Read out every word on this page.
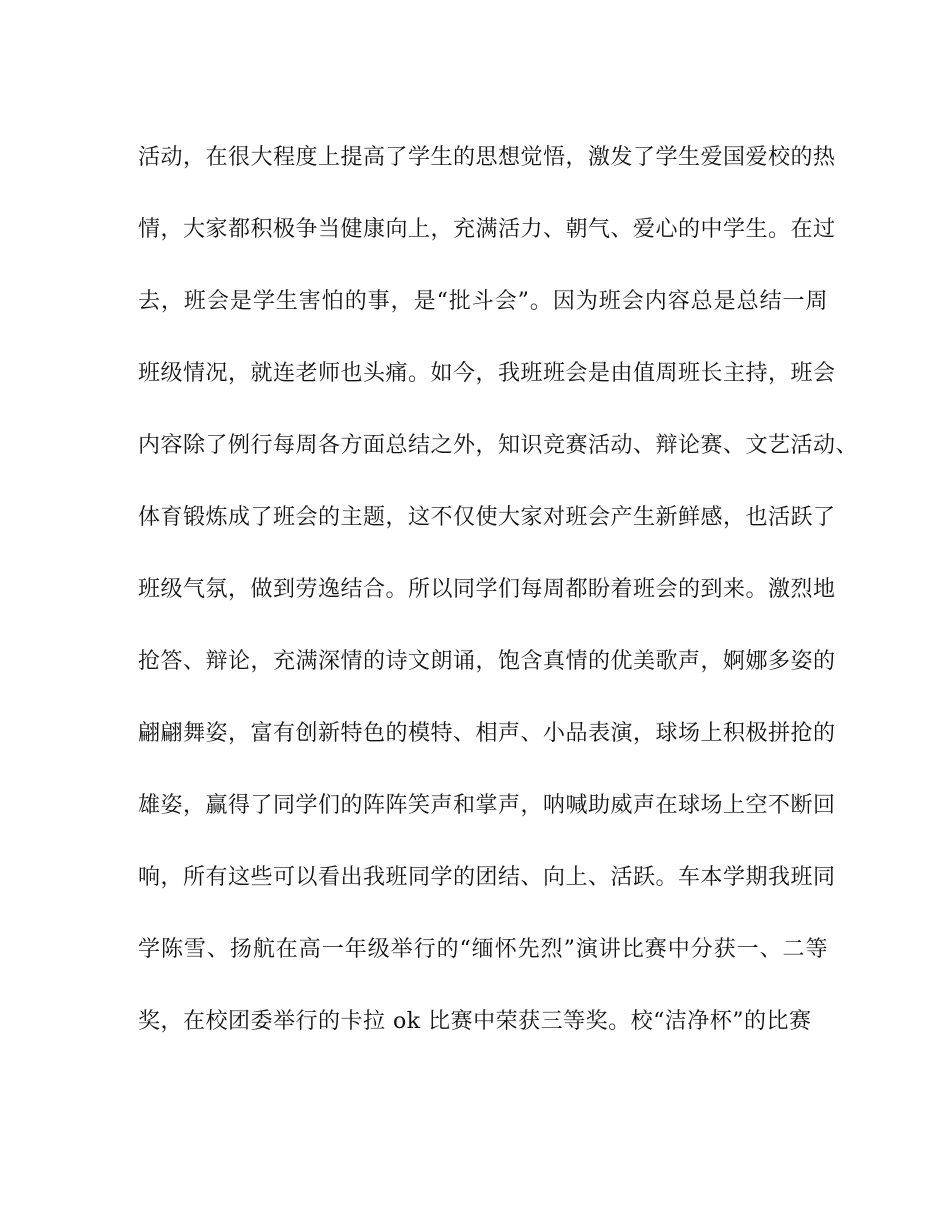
活动，在很大程度上提高了学生的思想觉悟，激发了学生爱国爱校的热
情，大家都积极争当健康向上，充满活力、朝气、爱心的中学生。在过
去，班会是学生害怕的事，是“批斗会”。因为班会内容总是总结一周
班级情况，就连老师也头痛。如今，我班班会是由值周班长主持，班会
内容除了例行每周各方面总结之外，知识竞赛活动、辩论赛、文艺活动、
体育锻炼成了班会的主题，这不仅使大家对班会产生新鲜感，也活跃了
班级气氛，做到劳逸结合。所以同学们每周都盼着班会的到来。激烈地
抢答、辩论，充满深情的诗文朗诵，饱含真情的优美歌声，婀娜多姿的
翩翩舞姿，富有创新特色的模特、相声、小品表演，球场上积极拼抢的
雄姿，赢得了同学们的阵阵笑声和掌声，呐喊助威声在球场上空不断回
响，所有这些可以看出我班同学的团结、向上、活跃。车本学期我班同
学陈雪、扬航在高一年级举行的“缅怀先烈”演讲比赛中分获一、二等
奖，在校团委举行的卡拉 ok 比赛中荣获三等奖。校“洁净杯”的比赛
